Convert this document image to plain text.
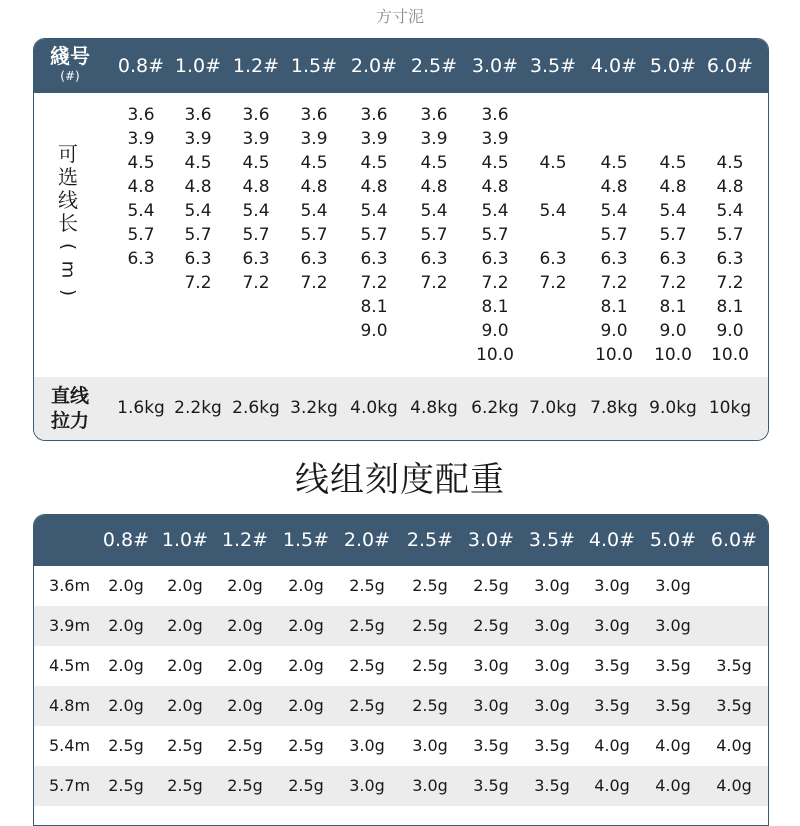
方寸泥
綫号
(#)	0.8# 1.0# 1.2# 1.5# 2.0# 2.5# 3.0# 3.5# 4.0# 5.0# 6.0#
可
选
线
长
(
m
)
3.6
3.9
4.5
4.8
5.4
5.7
6.3
3.6
3.9
4.5
4.8
5.4
5.7
6.3
7.2
3.6
3.9
4.5
4.8
5.4
5.7
6.3
7.2
3.6
3.9
4.5
4.8
5.4
5.7
6.3
7.2
3.6
3.9
4.5
4.8
5.4
5.7
6.3
7.2
8.1
9.0
3.6
3.9
4.5
4.8
5.4
5.7
6.3
7.2
3.6
3.9
4.5
4.8
5.4
5.7
6.3
7.2
8.1
9.0
10.0
4.5
5.4
6.3
7.2
4.5
4.8
5.4
5.7
6.3
7.2
8.1
9.0
10.0
4.5
4.8
5.4
5.7
6.3
7.2
8.1
9.0
10.0
4.5
4.8
5.4
5.7
6.3
7.2
8.1
9.0
10.0
直线
拉力
1.6kg 2.2kg 2.6kg 3.2kg 4.0kg 4.8kg 6.2kg 7.0kg 7.8kg 9.0kg 10kg
线组刻度配重
0.8# 1.0# 1.2# 1.5# 2.0# 2.5# 3.0# 3.5# 4.0# 5.0# 6.0#
3.6m 2.0g 2.0g 2.0g 2.0g 2.5g 2.5g 2.5g 3.0g 3.0g 3.0g
3.9m 2.0g 2.0g 2.0g 2.0g 2.5g 2.5g 2.5g 3.0g 3.0g 3.0g
4.5m 2.0g 2.0g 2.0g 2.0g 2.5g 2.5g 3.0g 3.0g 3.5g 3.5g 3.5g
4.8m 2.0g 2.0g 2.0g 2.0g 2.5g 2.5g 3.0g 3.0g 3.5g 3.5g 3.5g
5.4m 2.5g 2.5g 2.5g 2.5g 3.0g 3.0g 3.5g 3.5g 4.0g 4.0g 4.0g
5.7m 2.5g 2.5g 2.5g 2.5g 3.0g 3.0g 3.5g 3.5g 4.0g 4.0g 4.0g
